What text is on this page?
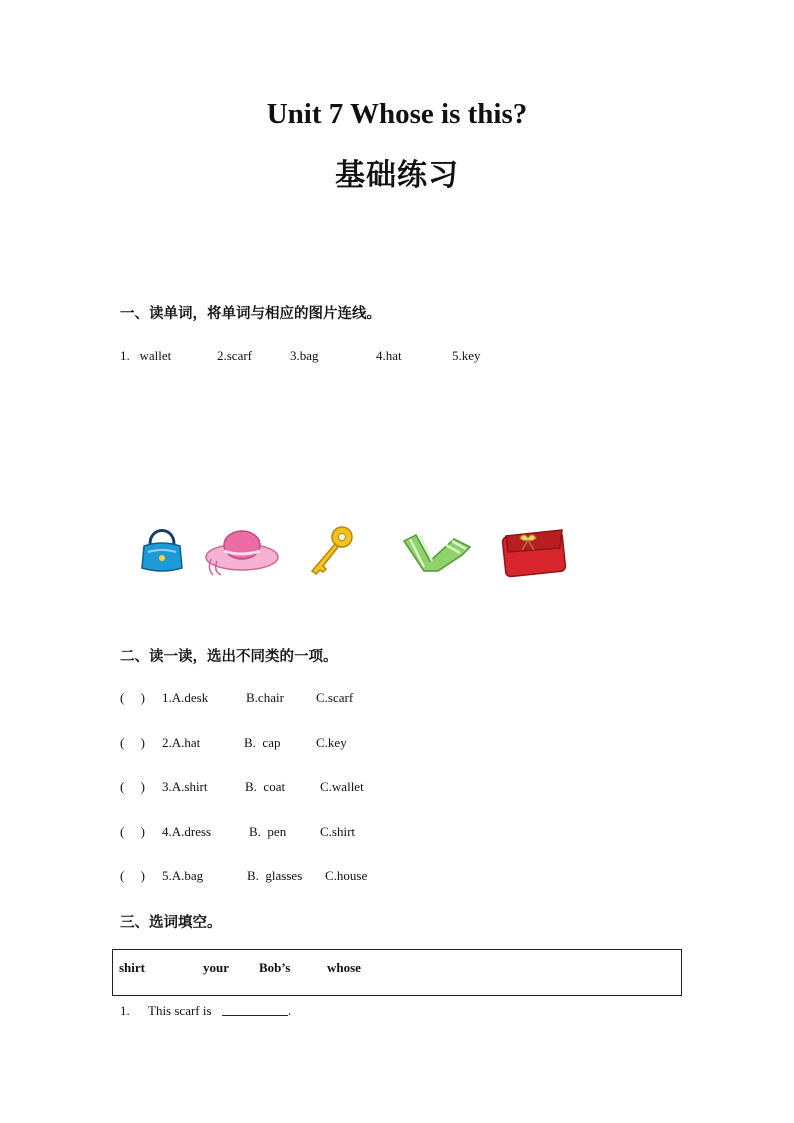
Unit 7 Whose is this?
基础练习
一、读单词，将单词与相应的图片连线。
1.   wallet	2.scarf	3.bag	4.hat	5.key
二、读一读，选出不同类的一项。
(     ) 1.A.desk	B.chair C.scarf
(     ) 2.A.hat	B.  cap	C.key
(     ) 3.A.shirt	B.  coat	C.wallet
(     ) 4.A.dress	B.  pen	C.shirt
(     ) 5.A.bag	B.  glasses C.house
三、选词填空。
shirt	your Bob’s	whose
1. This scarf is	.
